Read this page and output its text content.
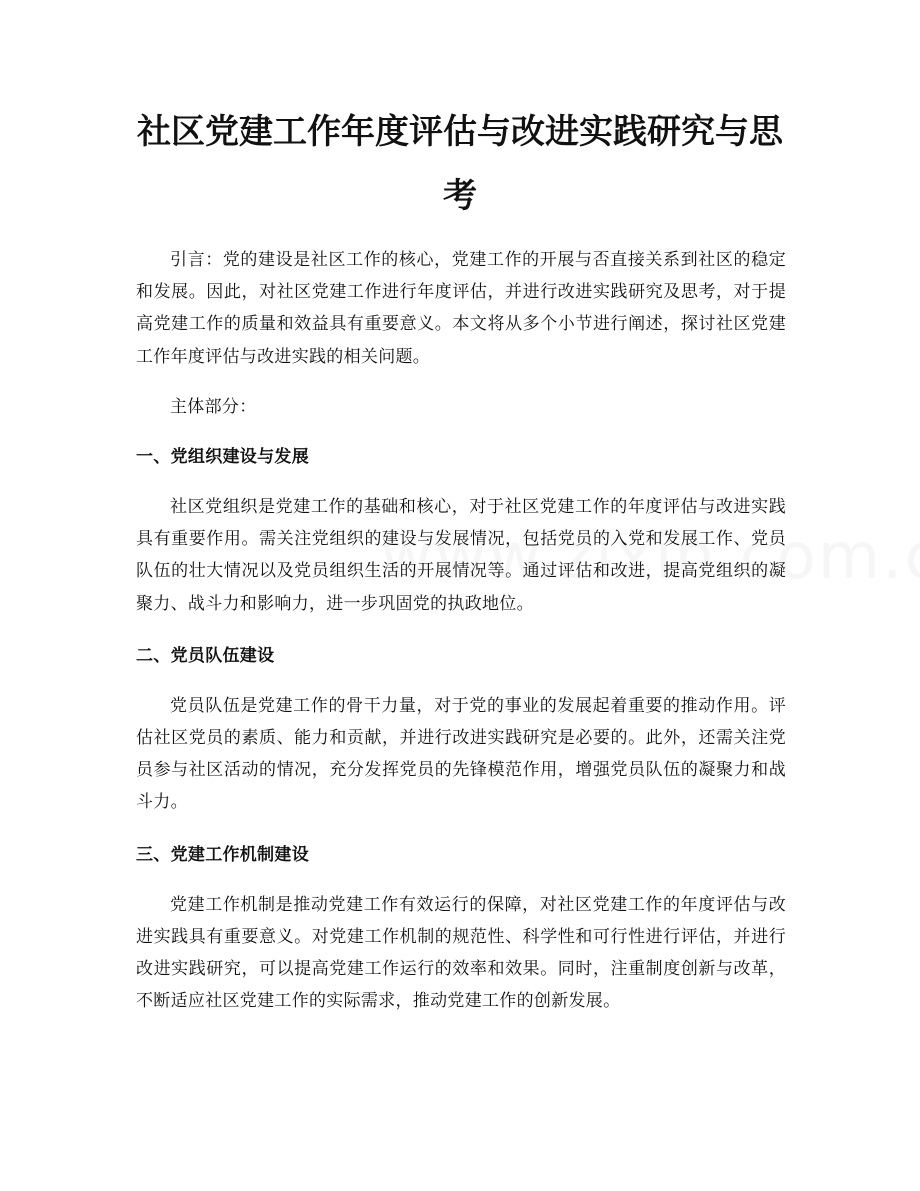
社区党建工作年度评估与改进实践研究与思
考

引言：党的建设是社区工作的核心，党建工作的开展与否直接关系到社区的稳定和发展。因此，对社区党建工作进行年度评估，并进行改进实践研究及思考，对于提高党建工作的质量和效益具有重要意义。本文将从多个小节进行阐述，探讨社区党建工作年度评估与改进实践的相关问题。

主体部分：

一、党组织建设与发展

社区党组织是党建工作的基础和核心，对于社区党建工作的年度评估与改进实践具有重要作用。需关注党组织的建设与发展情况，包括党员的入党和发展工作、党员队伍的壮大情况以及党员组织生活的开展情况等。通过评估和改进，提高党组织的凝聚力、战斗力和影响力，进一步巩固党的执政地位。

二、党员队伍建设

党员队伍是党建工作的骨干力量，对于党的事业的发展起着重要的推动作用。评估社区党员的素质、能力和贡献，并进行改进实践研究是必要的。此外，还需关注党员参与社区活动的情况，充分发挥党员的先锋模范作用，增强党员队伍的凝聚力和战斗力。

三、党建工作机制建设

党建工作机制是推动党建工作有效运行的保障，对社区党建工作的年度评估与改进实践具有重要意义。对党建工作机制的规范性、科学性和可行性进行评估，并进行改进实践研究，可以提高党建工作运行的效率和效果。同时，注重制度创新与改革，不断适应社区党建工作的实际需求，推动党建工作的创新发展。
